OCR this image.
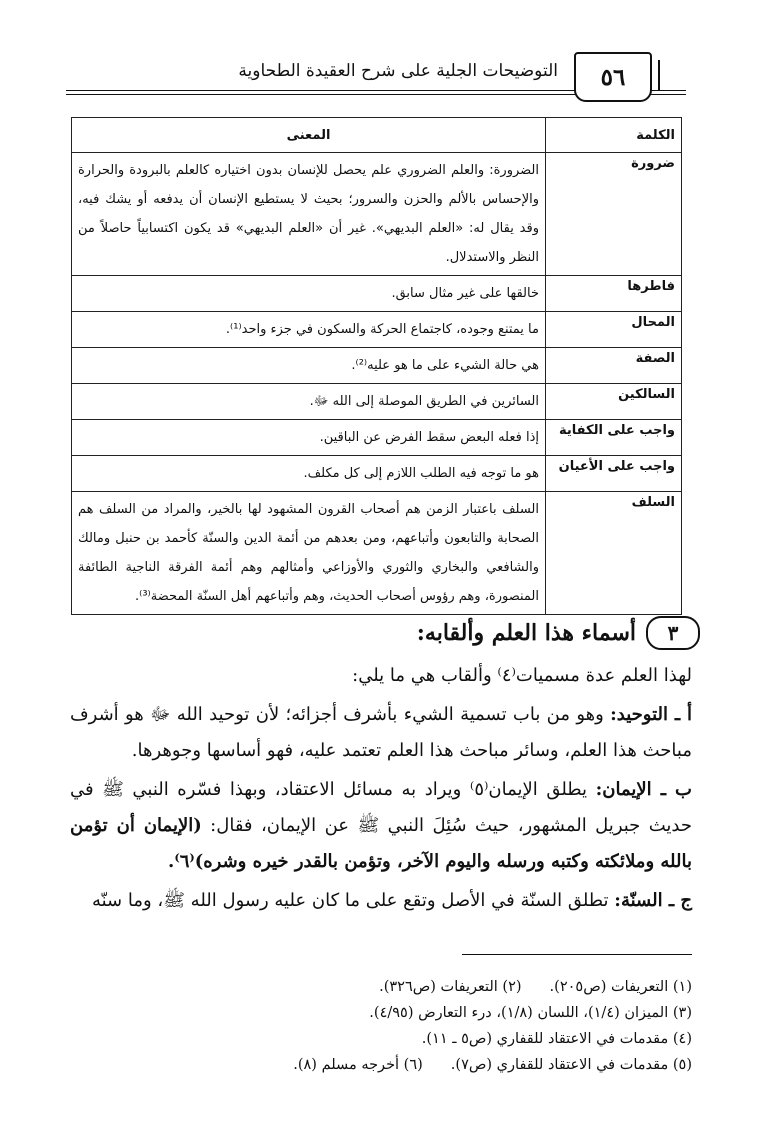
٥٦
التوضيحات الجلية على شرح العقيدة الطحاوية
الكلمة	المعنى
ضرورة	الضرورة: والعلم الضروري علم يحصل للإنسان بدون اختياره كالعلم بالبرودة والحرارة والإحساس بالألم والحزن والسرور؛ بحيث لا يستطيع الإنسان أن يدفعه أو يشك فيه، وقد يقال له: «العلم البديهي». غير أن «العلم البديهي» قد يكون اكتسابياً حاصلاً من النظر والاستدلال.
فاطرها	خالقها على غير مثال سابق.
المحال	ما يمتنع وجوده، كاجتماع الحركة والسكون في جزء واحد⁽¹⁾.
الصفة	هي حالة الشيء على ما هو عليه⁽²⁾.
السالكين	السائرين في الطريق الموصلة إلى الله ﷻ.
واجب على الكفاية	إذا فعله البعض سقط الفرض عن الباقين.
واجب على الأعيان	هو ما توجه فيه الطلب اللازم إلى كل مكلف.
السلف	السلف باعتبار الزمن هم أصحاب القرون المشهود لها بالخير، والمراد من السلف هم الصحابة والتابعون وأتباعهم، ومن بعدهم من أئمة الدين والسنّة كأحمد بن حنبل ومالك والشافعي والبخاري والثوري والأوزاعي وأمثالهم وهم أئمة الفرقة الناجية الطائفة المنصورة، وهم رؤوس أصحاب الحديث، وهم وأتباعهم أهل السنّة المحضة⁽³⁾.
٣
أسماء هذا العلم وألقابه:

لهذا العلم عدة مسميات⁽٤⁾ وألقاب هي ما يلي:

أ ـ التوحيد: وهو من باب تسمية الشيء بأشرف أجزائه؛ لأن توحيد الله ﷻ هو أشرف مباحث هذا العلم، وسائر مباحث هذا العلم تعتمد عليه، فهو أساسها وجوهرها.

ب ـ الإيمان: يطلق الإيمان⁽٥⁾ ويراد به مسائل الاعتقاد، وبهذا فسّره النبي ﷺ في حديث جبريل المشهور، حيث سُئِلَ النبي ﷺ عن الإيمان، فقال: (الإيمان أن تؤمن بالله وملائكته وكتبه ورسله واليوم الآخر، وتؤمن بالقدر خيره وشره)⁽٦⁾.

ج ـ السنّة: تطلق السنّة في الأصل وتقع على ما كان عليه رسول الله ﷺ، وما سنّه

(١) التعريفات (ص٢٠٥).
(٢) التعريفات (ص٣٢٦).
(٣) الميزان (١/٤)، اللسان (١/٨)، درء التعارض (٤/٩٥).
(٤) مقدمات في الاعتقاد للقفاري (ص٥ ـ ١١).
(٥) مقدمات في الاعتقاد للقفاري (ص٧).
(٦) أخرجه مسلم (٨).
